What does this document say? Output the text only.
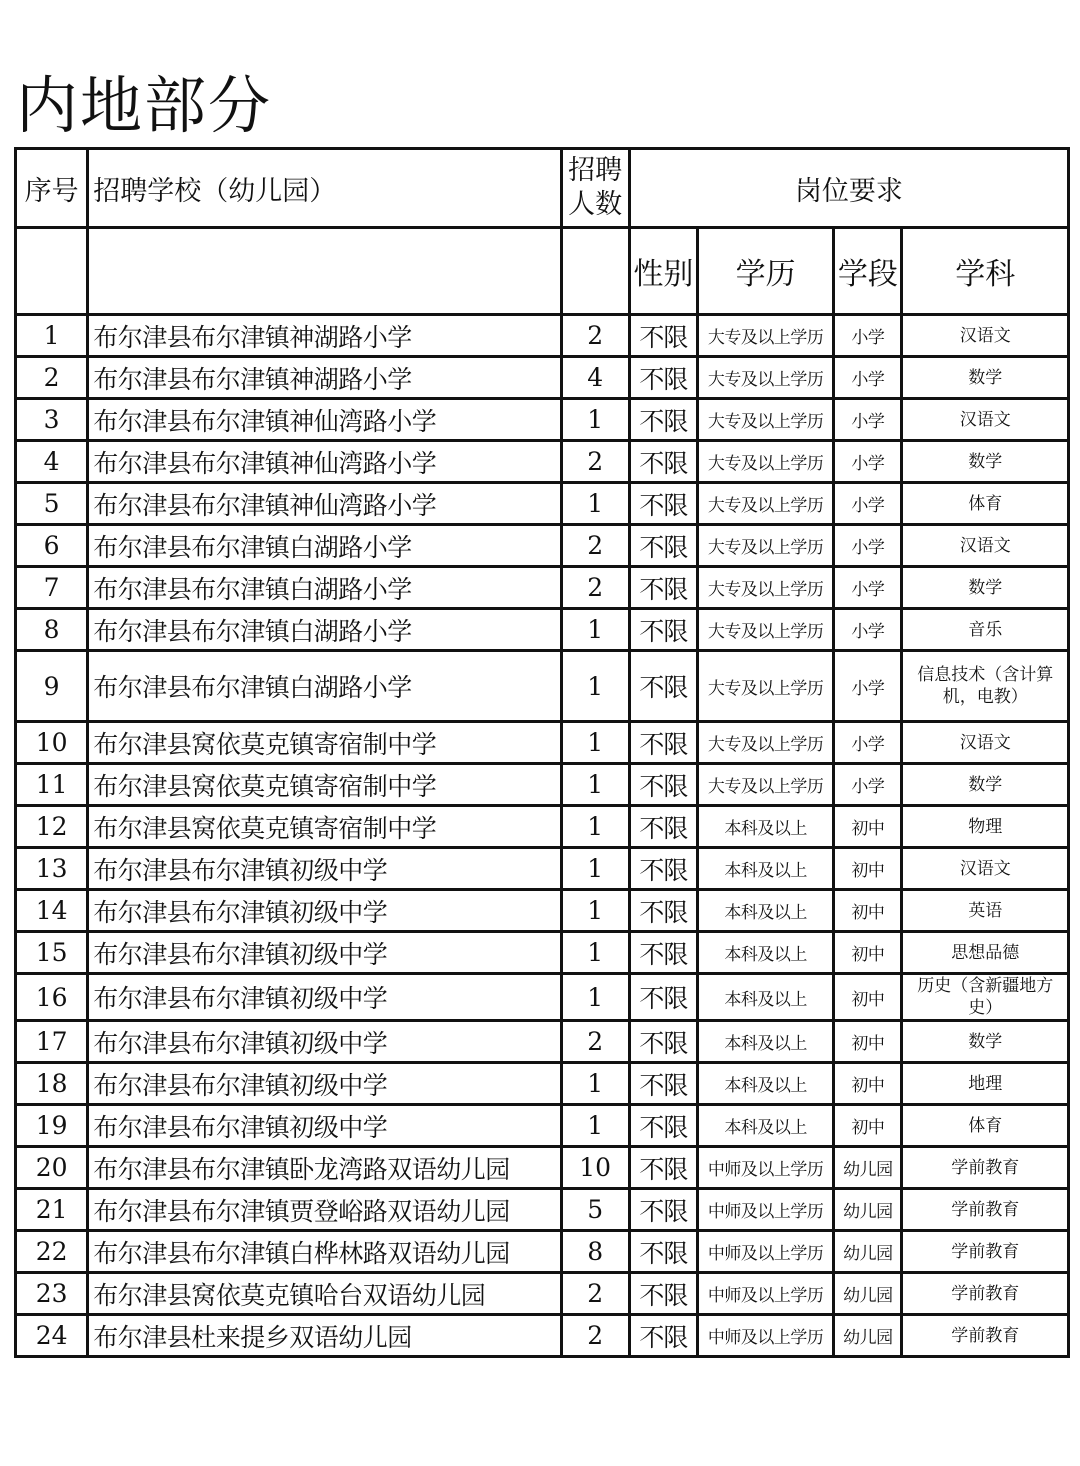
内地部分
序号	招聘学校（幼儿园）	招聘人数	岗位要求			
			性别	学历	学段	学科
1	布尔津县布尔津镇神湖路小学	2	不限	大专及以上学历	小学	汉语文
2	布尔津县布尔津镇神湖路小学	4	不限	大专及以上学历	小学	数学
3	布尔津县布尔津镇神仙湾路小学	1	不限	大专及以上学历	小学	汉语文
4	布尔津县布尔津镇神仙湾路小学	2	不限	大专及以上学历	小学	数学
5	布尔津县布尔津镇神仙湾路小学	1	不限	大专及以上学历	小学	体育
6	布尔津县布尔津镇白湖路小学	2	不限	大专及以上学历	小学	汉语文
7	布尔津县布尔津镇白湖路小学	2	不限	大专及以上学历	小学	数学
8	布尔津县布尔津镇白湖路小学	1	不限	大专及以上学历	小学	音乐
9	布尔津县布尔津镇白湖路小学	1	不限	大专及以上学历	小学	信息技术（含计算机，电教）
10	布尔津县窝依莫克镇寄宿制中学	1	不限	大专及以上学历	小学	汉语文
11	布尔津县窝依莫克镇寄宿制中学	1	不限	大专及以上学历	小学	数学
12	布尔津县窝依莫克镇寄宿制中学	1	不限	本科及以上	初中	物理
13	布尔津县布尔津镇初级中学	1	不限	本科及以上	初中	汉语文
14	布尔津县布尔津镇初级中学	1	不限	本科及以上	初中	英语
15	布尔津县布尔津镇初级中学	1	不限	本科及以上	初中	思想品德
16	布尔津县布尔津镇初级中学	1	不限	本科及以上	初中	历史（含新疆地方史）
17	布尔津县布尔津镇初级中学	2	不限	本科及以上	初中	数学
18	布尔津县布尔津镇初级中学	1	不限	本科及以上	初中	地理
19	布尔津县布尔津镇初级中学	1	不限	本科及以上	初中	体育
20	布尔津县布尔津镇卧龙湾路双语幼儿园	10	不限	中师及以上学历	幼儿园	学前教育
21	布尔津县布尔津镇贾登峪路双语幼儿园	5	不限	中师及以上学历	幼儿园	学前教育
22	布尔津县布尔津镇白桦林路双语幼儿园	8	不限	中师及以上学历	幼儿园	学前教育
23	布尔津县窝依莫克镇哈台双语幼儿园	2	不限	中师及以上学历	幼儿园	学前教育
24	布尔津县杜来提乡双语幼儿园	2	不限	中师及以上学历	幼儿园	学前教育
